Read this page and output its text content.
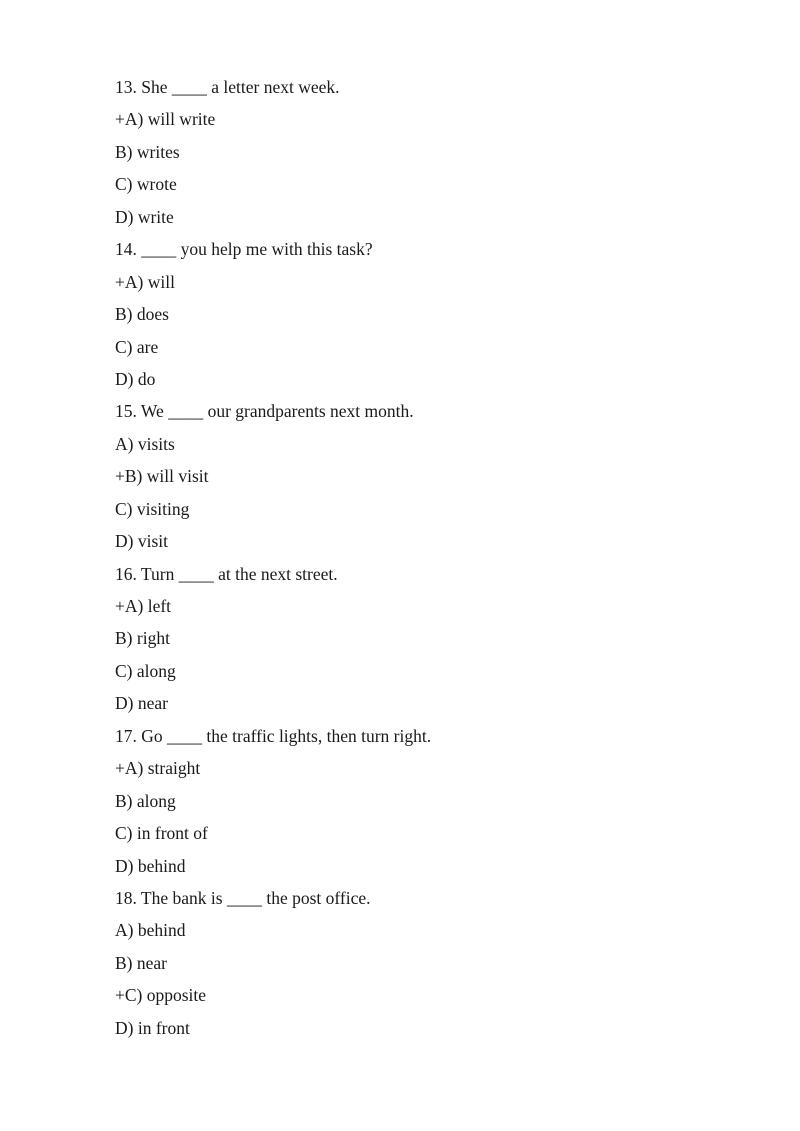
13. She ____ a letter next week.
+A) will write
B) writes
C) wrote
D) write
14. ____ you help me with this task?
+A) will
B) does
C) are
D) do
15. We ____ our grandparents next month.
A) visits
+B) will visit
C) visiting
D) visit
16. Turn ____ at the next street.
+A) left
B) right
C) along
D) near
17. Go ____ the traffic lights, then turn right.
+A) straight
B) along
C) in front of
D) behind
18. The bank is ____ the post office.
A) behind
B) near
+C) opposite
D) in front
